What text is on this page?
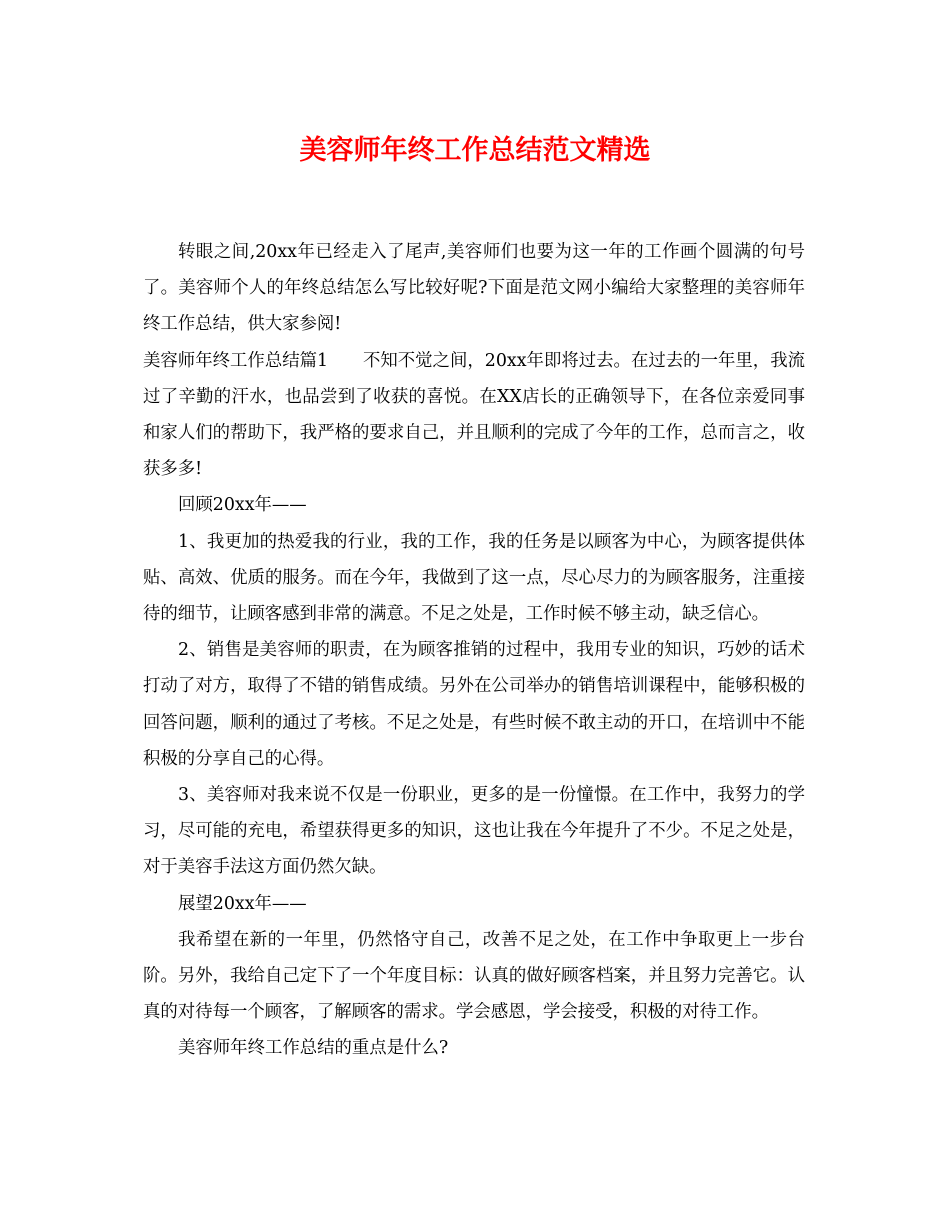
美容师年终工作总结范文精选

转眼之间,20xx年已经走入了尾声,美容师们也要为这一年的工作画个圆满的句号了。美容师个人的年终总结怎么写比较好呢?下面是范文网小编给大家整理的美容师年终工作总结，供大家参阅!

美容师年终工作总结篇1　　不知不觉之间，20xx年即将过去。在过去的一年里，我流过了辛勤的汗水，也品尝到了收获的喜悦。在XX店长的正确领导下，在各位亲爱同事和家人们的帮助下，我严格的要求自己，并且顺利的完成了今年的工作，总而言之，收获多多!

回顾20xx年——

1、我更加的热爱我的行业，我的工作，我的任务是以顾客为中心，为顾客提供体贴、高效、优质的服务。而在今年，我做到了这一点，尽心尽力的为顾客服务，注重接待的细节，让顾客感到非常的满意。不足之处是，工作时候不够主动，缺乏信心。

2、销售是美容师的职责，在为顾客推销的过程中，我用专业的知识，巧妙的话术打动了对方，取得了不错的销售成绩。另外在公司举办的销售培训课程中，能够积极的回答问题，顺利的通过了考核。不足之处是，有些时候不敢主动的开口，在培训中不能积极的分享自己的心得。

3、美容师对我来说不仅是一份职业，更多的是一份憧憬。在工作中，我努力的学习，尽可能的充电，希望获得更多的知识，这也让我在今年提升了不少。不足之处是，对于美容手法这方面仍然欠缺。

展望20xx年——

我希望在新的一年里，仍然恪守自己，改善不足之处，在工作中争取更上一步台阶。另外，我给自己定下了一个年度目标：认真的做好顾客档案，并且努力完善它。认真的对待每一个顾客，了解顾客的需求。学会感恩，学会接受，积极的对待工作。

美容师年终工作总结的重点是什么?
